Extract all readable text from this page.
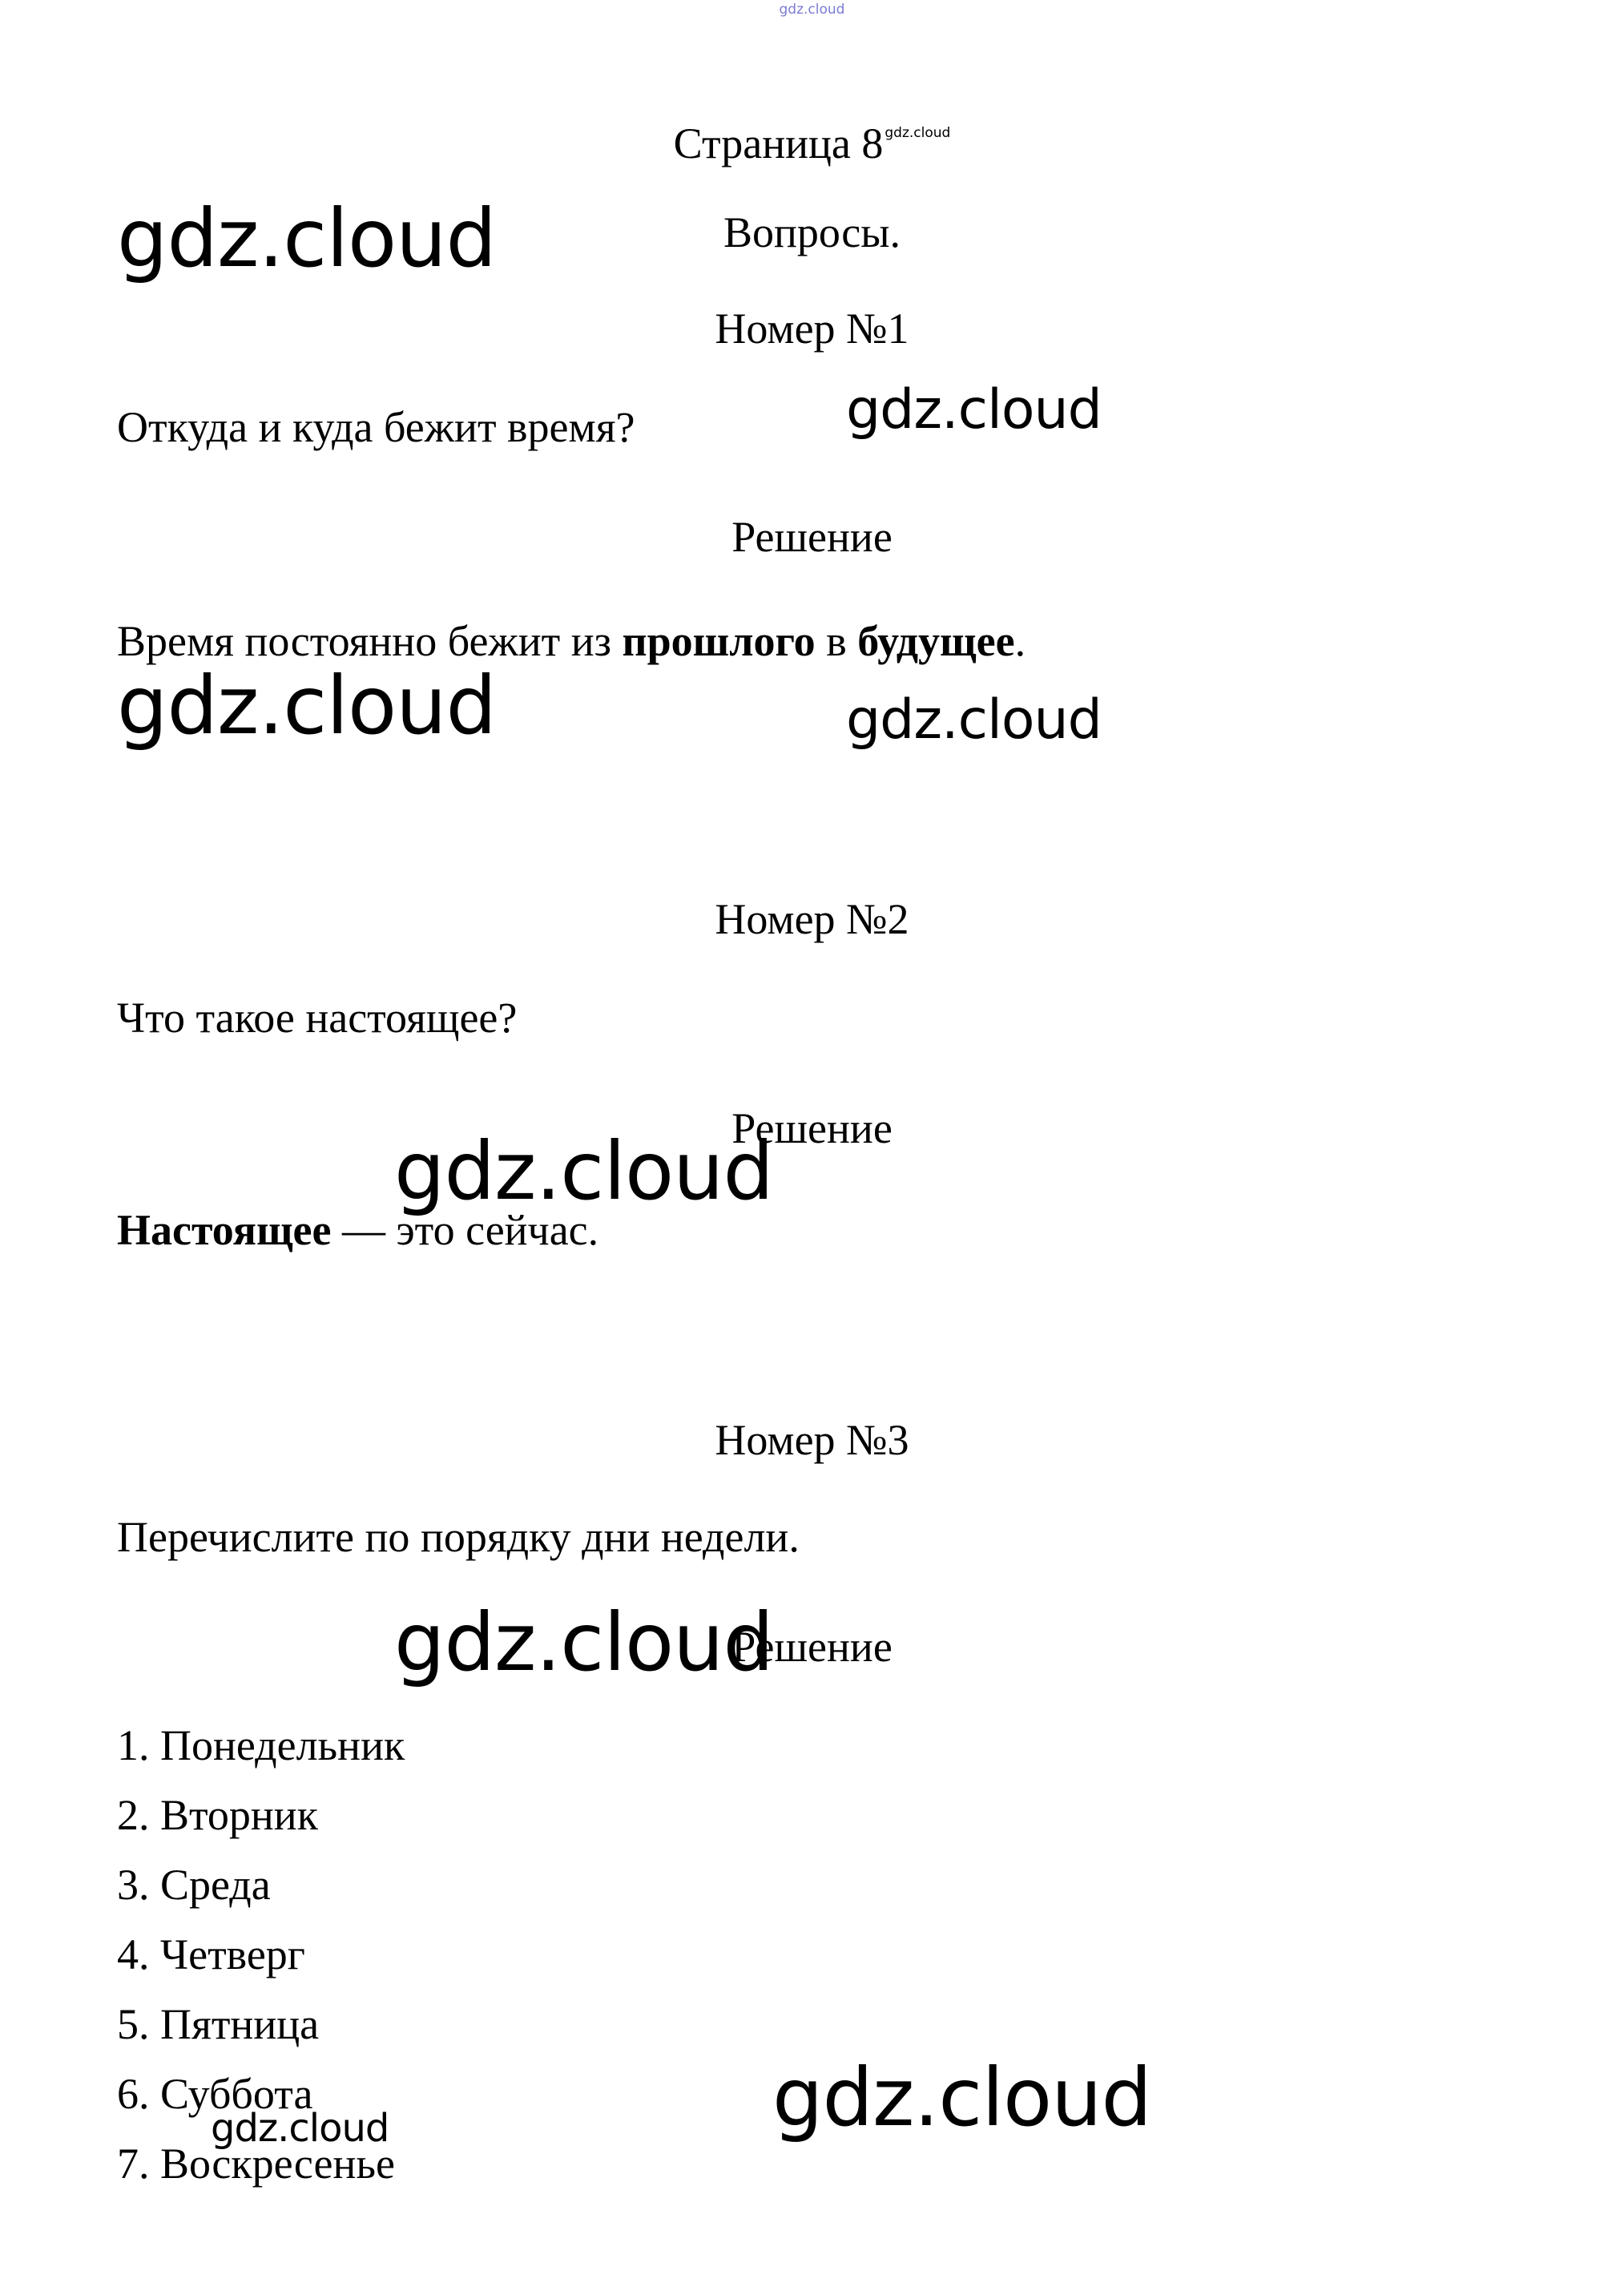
gdz.cloud
Страница 8 $^{gdz.cloud}$
gdz.cloud	Вопросы.
Номер №1
Откуда и куда бежит время?	gdz.cloud
Решение
Время постоянно бежит из прошлого в будущее.
gdz.cloud	gdz.cloud
Номер №2
Что такое настоящее?
Решение
gdz.cloud
Настоящее — это сейчас.
Номер №3
Перечислите по порядку дни недели.
gdz.cloud
Решение
1. Понедельник
2. Вторник
3. Среда
4. Четверг
5. Пятница
6. Суббота
gdz.cloud
7. Воскресенье
gdz.cloud
